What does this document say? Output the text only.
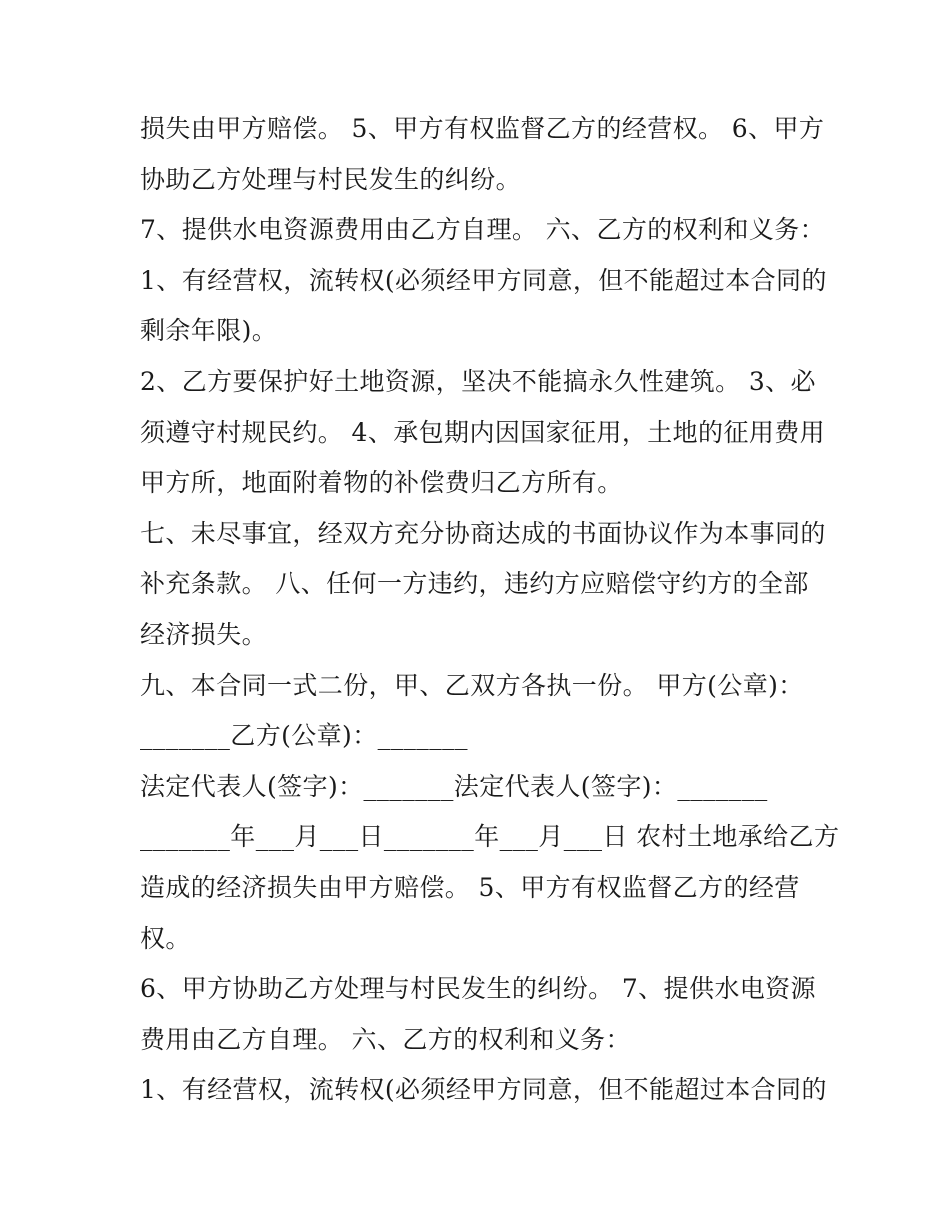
损失由甲方赔偿。 5、甲方有权监督乙方的经营权。 6、甲方
协助乙方处理与村民发生的纠纷。
7、提供水电资源费用由乙方自理。 六、乙方的权利和义务：
1、有经营权，流转权(必须经甲方同意，但不能超过本合同的
剩余年限)。
2、乙方要保护好土地资源，坚决不能搞永久性建筑。 3、必
须遵守村规民约。 4、承包期内因国家征用，土地的征用费用
甲方所，地面附着物的补偿费归乙方所有。
七、未尽事宜，经双方充分协商达成的书面协议作为本事同的
补充条款。 八、任何一方违约，违约方应赔偿守约方的全部
经济损失。
九、本合同一式二份，甲、乙双方各执一份。 甲方(公章)：
_______乙方(公章)：_______
法定代表人(签字)：_______法定代表人(签字)：_______
_______年___月___日_______年___月___日 农村土地承给乙方
造成的经济损失由甲方赔偿。 5、甲方有权监督乙方的经营
权。
6、甲方协助乙方处理与村民发生的纠纷。 7、提供水电资源
费用由乙方自理。 六、乙方的权利和义务：
1、有经营权，流转权(必须经甲方同意，但不能超过本合同的
